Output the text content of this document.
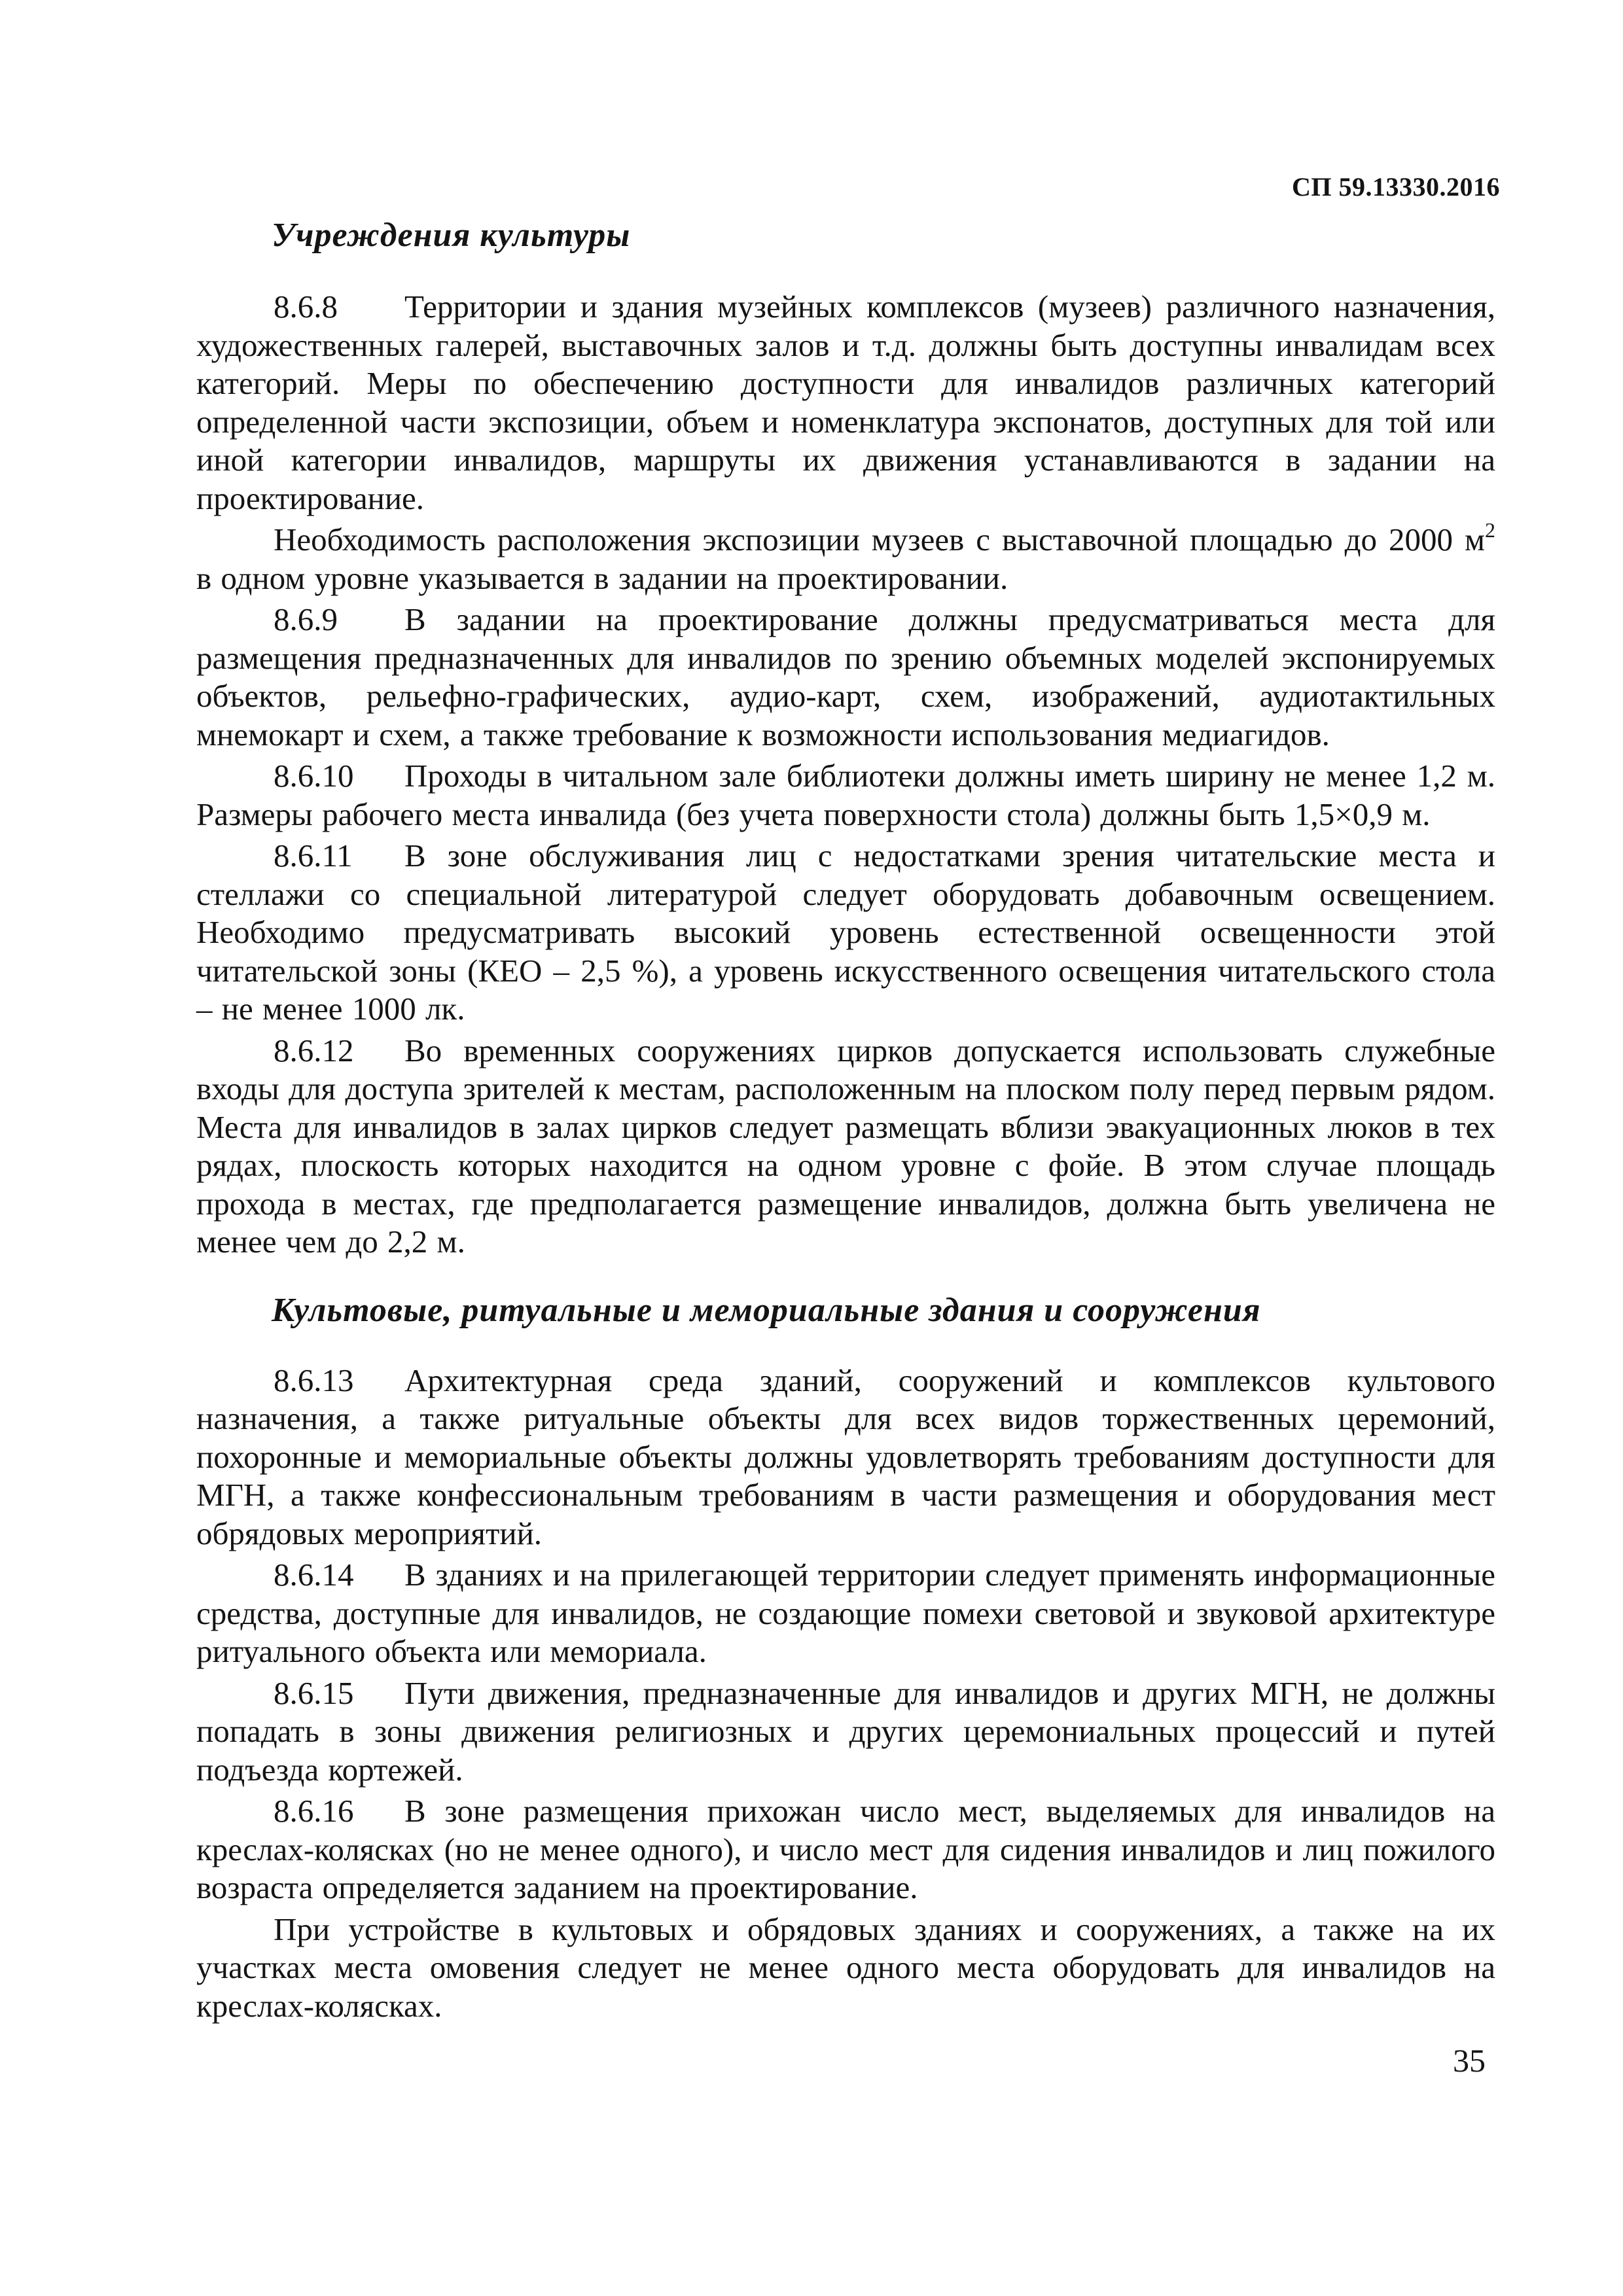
СП 59.13330.2016
Учреждения культуры

8.6.8 Территории и здания музейных комплексов (музеев) различного назначения, художественных галерей, выставочных залов и т.д. должны быть доступны инвалидам всех категорий. Меры по обеспечению доступности для инвалидов различных категорий определенной части экспозиции, объем и номенклатура экспонатов, доступных для той или иной категории инвалидов, маршруты их движения устанавливаются в задании на проектирование.

Необходимость расположения экспозиции музеев с выставочной площадью до 2000 $м^2$ в одном уровне указывается в задании на проектировании.

8.6.9 В задании на проектирование должны предусматриваться места для размещения предназначенных для инвалидов по зрению объемных моделей экспонируемых объектов, рельефно-графических, аудио-карт, схем, изображений, аудиотактильных мнемокарт и схем, а также требование к возможности использования медиагидов.

8.6.10 Проходы в читальном зале библиотеки должны иметь ширину не менее 1,2 м. Размеры рабочего места инвалида (без учета поверхности стола) должны быть 1,5×0,9 м.

8.6.11 В зоне обслуживания лиц с недостатками зрения читательские места и стеллажи со специальной литературой следует оборудовать добавочным освещением. Необходимо предусматривать высокий уровень естественной освещенности этой читательской зоны (КЕО – 2,5 %), а уровень искусственного освещения читательского стола – не менее 1000 лк.

8.6.12 Во временных сооружениях цирков допускается использовать служебные входы для доступа зрителей к местам, расположенным на плоском полу перед первым рядом. Места для инвалидов в залах цирков следует размещать вблизи эвакуационных люков в тех рядах, плоскость которых находится на одном уровне с фойе. В этом случае площадь прохода в местах, где предполагается размещение инвалидов, должна быть увеличена не менее чем до 2,2 м.

Культовые, ритуальные и мемориальные здания и сооружения

8.6.13 Архитектурная среда зданий, сооружений и комплексов культового назначения, а также ритуальные объекты для всех видов торжественных церемоний, похоронные и мемориальные объекты должны удовлетворять требованиям доступности для МГН, а также конфессиональным требованиям в части размещения и оборудования мест обрядовых мероприятий.

8.6.14 В зданиях и на прилегающей территории следует применять информационные средства, доступные для инвалидов, не создающие помехи световой и звуковой архитектуре ритуального объекта или мемориала.

8.6.15 Пути движения, предназначенные для инвалидов и других МГН, не должны попадать в зоны движения религиозных и других церемониальных процессий и путей подъезда кортежей.

8.6.16 В зоне размещения прихожан число мест, выделяемых для инвалидов на креслах-колясках (но не менее одного), и число мест для сидения инвалидов и лиц пожилого возраста определяется заданием на проектирование.

При устройстве в культовых и обрядовых зданиях и сооружениях, а также на их участках места омовения следует не менее одного места оборудовать для инвалидов на креслах-колясках.

35
